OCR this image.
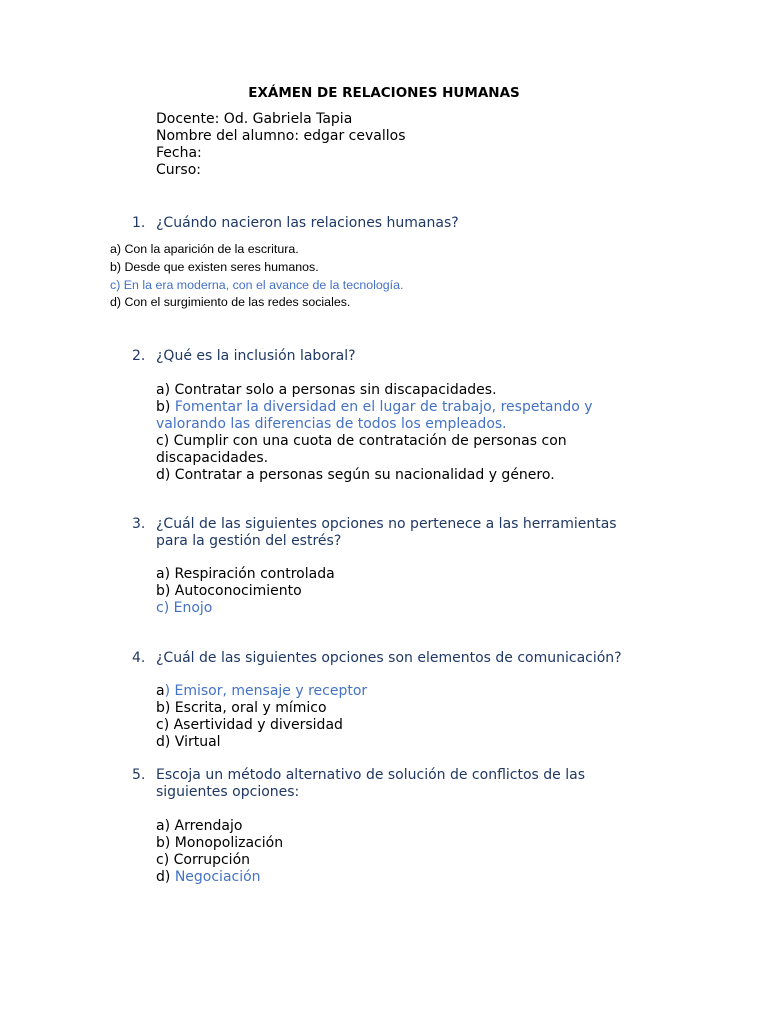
EXÁMEN DE RELACIONES HUMANAS
Docente: Od. Gabriela Tapia
Nombre del alumno: edgar cevallos
Fecha:
Curso:
1. ¿Cuándo nacieron las relaciones humanas?
a) Con la aparición de la escritura.
b) Desde que existen seres humanos.
c) En la era moderna, con el avance de la tecnología.
d) Con el surgimiento de las redes sociales.
2. ¿Qué es la inclusión laboral?
a) Contratar solo a personas sin discapacidades.
b) Fomentar la diversidad en el lugar de trabajo, respetando y valorando las diferencias de todos los empleados.
c) Cumplir con una cuota de contratación de personas con discapacidades.
d) Contratar a personas según su nacionalidad y género.
3. ¿Cuál de las siguientes opciones no pertenece a las herramientas para la gestión del estrés?
a) Respiración controlada
b) Autoconocimiento
c) Enojo
4. ¿Cuál de las siguientes opciones son elementos de comunicación?
a) Emisor, mensaje y receptor
b) Escrita, oral y mímico
c) Asertividad y diversidad
d) Virtual
5. Escoja un método alternativo de solución de conflictos de las siguientes opciones:
a) Arrendajo
b) Monopolización
c) Corrupción
d) Negociación
